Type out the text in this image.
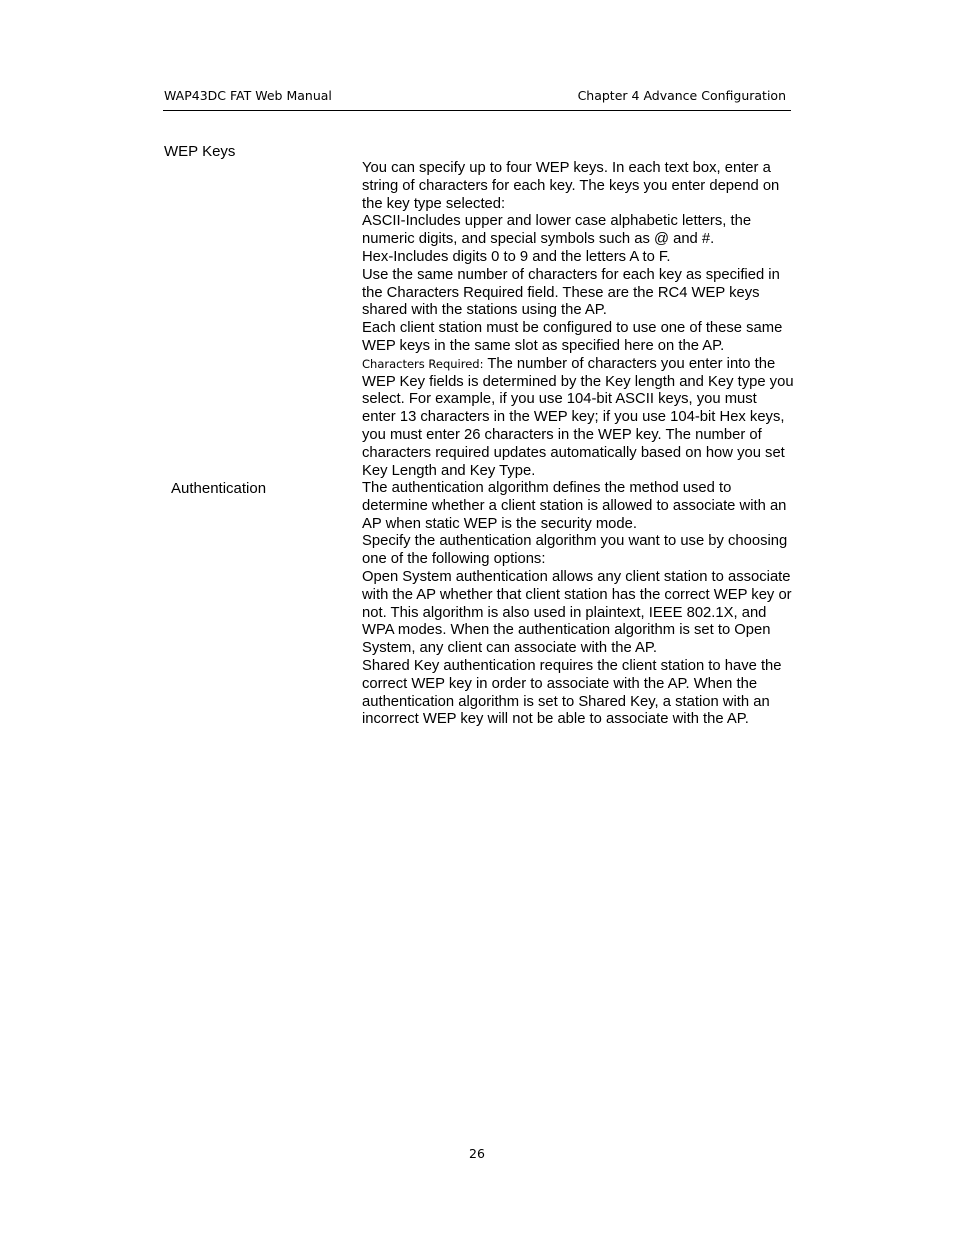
WAP43DC FAT Web Manual	Chapter 4 Advance Configuration
WEP Keys

You can specify up to four WEP keys. In each text box, enter a string of characters for each key. The keys you enter depend on the key type selected:

ASCII-Includes upper and lower case alphabetic letters, the numeric digits, and special symbols such as @ and #.

Hex-Includes digits 0 to 9 and the letters A to F.

Use the same number of characters for each key as specified in the Characters Required field. These are the RC4 WEP keys shared with the stations using the AP.

Each client station must be configured to use one of these same WEP keys in the same slot as specified here on the AP.

Characters Required: The number of characters you enter into the WEP Key fields is determined by the Key length and Key type you select. For example, if you use 104-bit ASCII keys, you must enter 13 characters in the WEP key; if you use 104-bit Hex keys, you must enter 26 characters in the WEP key. The number of characters required updates automatically based on how you set Key Length and Key Type.

Authentication	The authentication algorithm defines the method used to determine whether a client station is allowed to associate with an AP when static WEP is the security mode.

Specify the authentication algorithm you want to use by choosing one of the following options:

Open System authentication allows any client station to associate with the AP whether that client station has the correct WEP key or not. This algorithm is also used in plaintext, IEEE 802.1X, and WPA modes. When the authentication algorithm is set to Open System, any client can associate with the AP.

Shared Key authentication requires the client station to have the correct WEP key in order to associate with the AP. When the authentication algorithm is set to Shared Key, a station with an incorrect WEP key will not be able to associate with the AP.

26
